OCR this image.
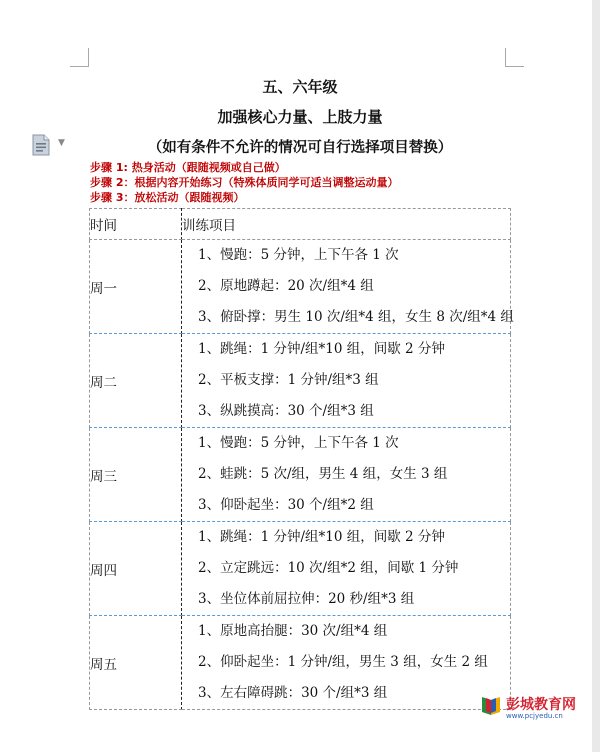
五、六年级
加强核心力量、上肢力量
（如有条件不允许的情况可自行选择项目替换）
▼
步骤 1: 热身活动（跟随视频或自己做）
步骤 2：根据内容开始练习（特殊体质同学可适当调整运动量）
步骤 3：放松活动（跟随视频）
时间	训练项目
周一	1、慢跑：5 分钟，上下午各 1 次
2、原地蹲起：20 次/组*4 组
3、俯卧撑：男生 10 次/组*4 组，女生 8 次/组*4 组

周二	1、跳绳：1 分钟/组*10 组，间歇 2 分钟
2、平板支撑：1 分钟/组*3 组
3、纵跳摸高：30 个/组*3 组

周三	1、慢跑：5 分钟，上下午各 1 次
2、蛙跳：5 次/组，男生 4 组，女生 3 组
3、仰卧起坐：30 个/组*2 组

周四	1、跳绳：1 分钟/组*10 组，间歇 2 分钟
2、立定跳远：10 次/组*2 组，间歇 1 分钟
3、坐位体前屈拉伸：20 秒/组*3 组

周五	1、原地高抬腿：30 次/组*4 组
2、仰卧起坐：1 分钟/组，男生 3 组，女生 2 组
3、左右障碍跳：30 个/组*3 组
彭城教育网
www.pcjyedu.cn
